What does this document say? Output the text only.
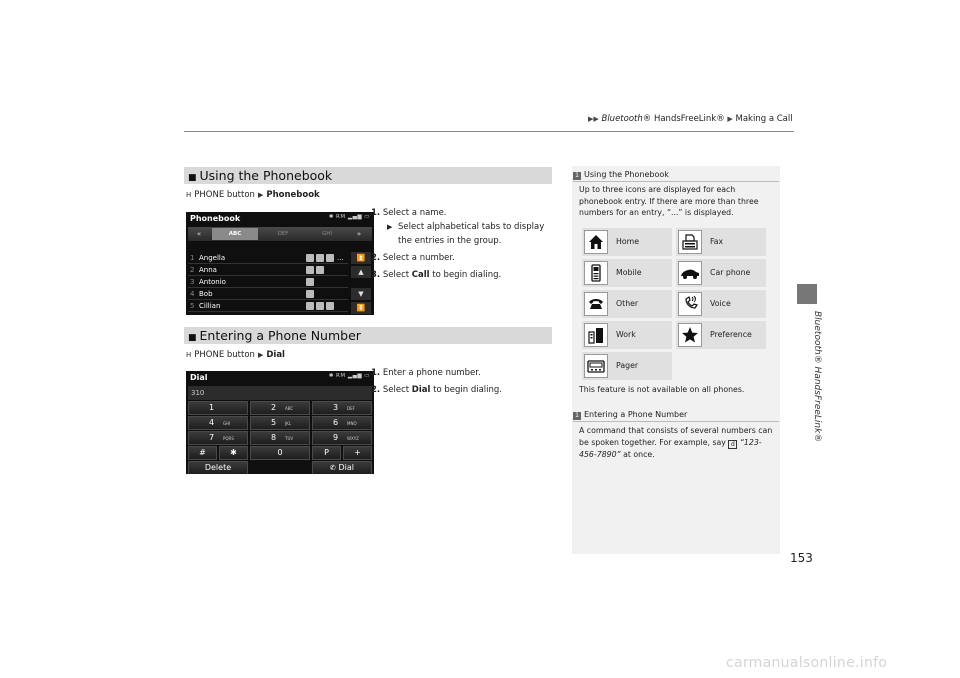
▶▶ Bluetooth® HandsFreeLink® ▶ Making a Call
Bluetooth® HandsFreeLink®
■ Using the Phonebook
H PHONE button ▶ Phonebook
Phonebook	✱ RM ▂▄▆ ▭
«	ABC	DEF	GHI	»
1 Angella	...
2 Anna
3 Antonio
4 Bob
5 Cillian
⏫
▲
▼
⏬
1. Select a name.
▶ Select alphabetical tabs to display the entries in the group.
2. Select a number.
3. Select Call to begin dialing.
■ Entering a Phone Number
H PHONE button ▶ Dial
Dial	✱ RM ▂▄▆ ▭
310
1	2 ABC	3 DEF
4 GHI	5 JKL	6 MNO
7 PQRS	8 TUV	9 WXYZ
#	✱	0	P	+
Delete	✆ Dial
1. Enter a phone number.
2. Select Dial to begin dialing.
1 Using the Phonebook
Up to three icons are displayed for each phonebook entry. If there are more than three numbers for an entry, “...” is displayed.
Home	Fax
Mobile	Car phone
Other	Voice
Work	Preference
Pager
This feature is not available on all phones.
1 Entering a Phone Number
A command that consists of several numbers can be spoken together. For example, say d “123-456-7890” at once.
153
carmanualsonline.info
